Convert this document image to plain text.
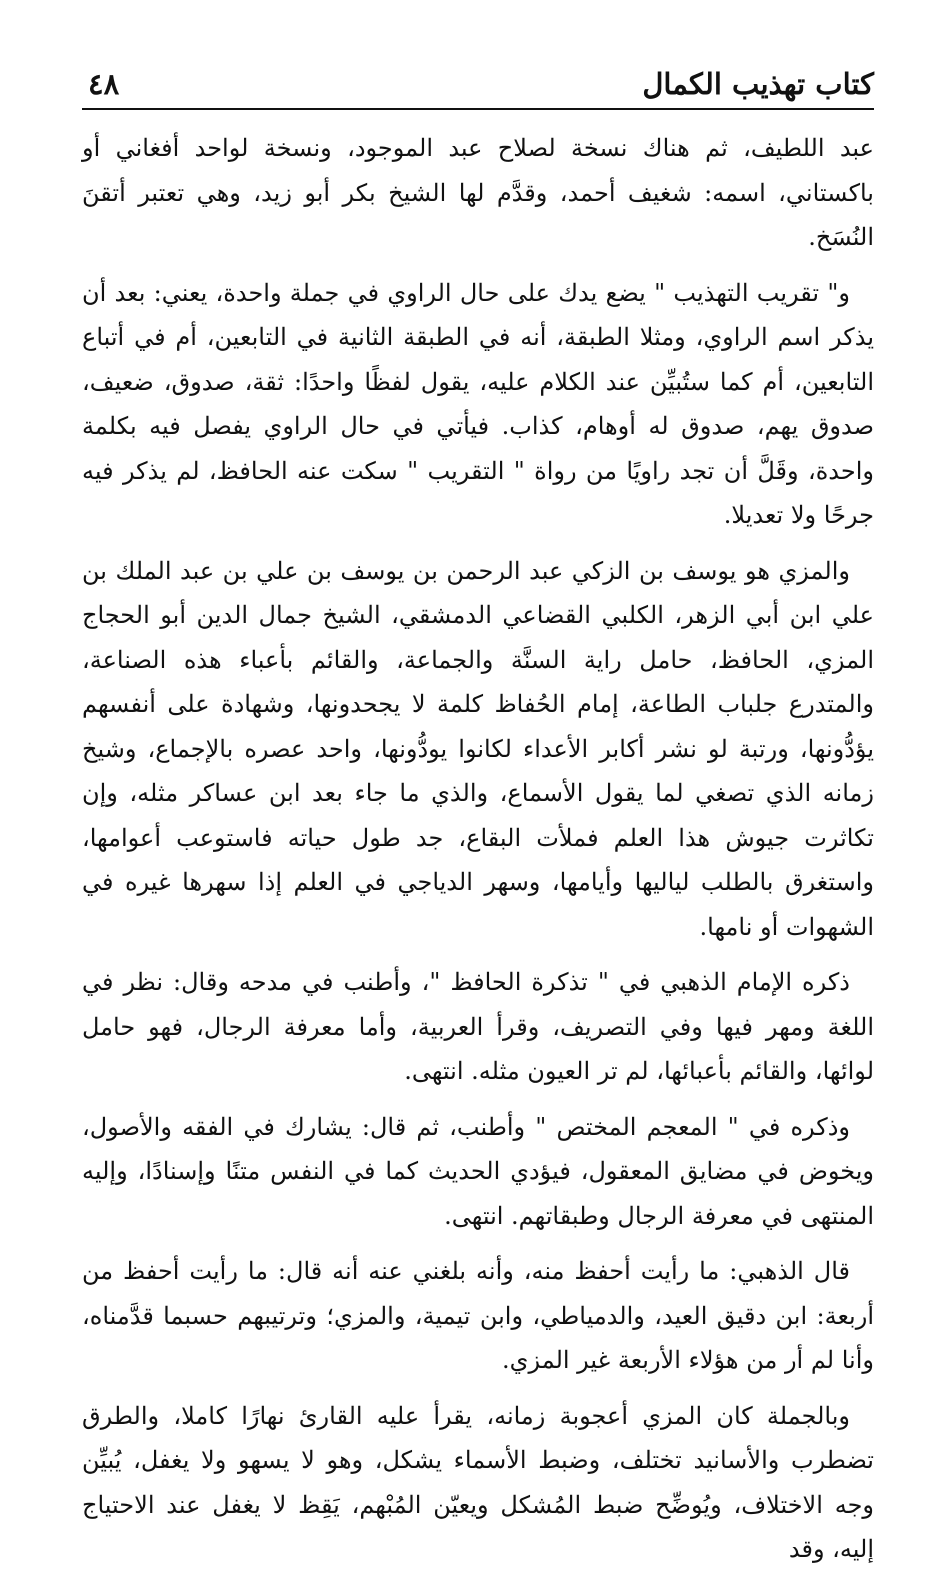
كتاب تهذيب الكمال
٤٨

عبد اللطيف، ثم هناك نسخة لصلاح عبد الموجود، ونسخة لواحد أفغاني أو باكستاني، اسمه: شغيف أحمد، وقدَّم لها الشيخ بكر أبو زيد، وهي تعتبر أتقنَ النُسَخ.

و" تقريب التهذيب " يضع يدك على حال الراوي في جملة واحدة، يعني: بعد أن يذكر اسم الراوي، ومثلا الطبقة، أنه في الطبقة الثانية في التابعين، أم في أتباع التابعين، أم كما ستُبيِّن عند الكلام عليه، يقول لفظًا واحدًا: ثقة، صدوق، ضعيف، صدوق يهم، صدوق له أوهام، كذاب. فيأتي في حال الراوي يفصل فيه بكلمة واحدة، وقَلَّ أن تجد راويًا من رواة " التقريب " سكت عنه الحافظ، لم يذكر فيه جرحًا ولا تعديلا.

والمزي هو يوسف بن الزكي عبد الرحمن بن يوسف بن علي بن عبد الملك بن علي ابن أبي الزهر، الكلبي القضاعي الدمشقي، الشيخ جمال الدين أبو الحجاج المزي، الحافظ، حامل راية السنَّة والجماعة، والقائم بأعباء هذه الصناعة، والمتدرع جلباب الطاعة، إمام الحُفاظ كلمة لا يجحدونها، وشهادة على أنفسهم يؤدُّونها، ورتبة لو نشر أكابر الأعداء لكانوا يودُّونها، واحد عصره بالإجماع، وشيخ زمانه الذي تصغي لما يقول الأسماع، والذي ما جاء بعد ابن عساكر مثله، وإن تكاثرت جيوش هذا العلم فملأت البقاع، جد طول حياته فاستوعب أعوامها، واستغرق بالطلب لياليها وأيامها، وسهر الدياجي في العلم إذا سهرها غيره في الشهوات أو نامها.

ذكره الإمام الذهبي في " تذكرة الحافظ "، وأطنب في مدحه وقال: نظر في اللغة ومهر فيها وفي التصريف، وقرأ العربية، وأما معرفة الرجال، فهو حامل لوائها، والقائم بأعبائها، لم تر العيون مثله. انتهى.

وذكره في " المعجم المختص " وأطنب، ثم قال: يشارك في الفقه والأصول، ويخوض في مضايق المعقول، فيؤدي الحديث كما في النفس متنًا وإسنادًا، وإليه المنتهى في معرفة الرجال وطبقاتهم. انتهى.

قال الذهبي: ما رأيت أحفظ منه، وأنه بلغني عنه أنه قال: ما رأيت أحفظ من أربعة: ابن دقيق العيد، والدمياطي، وابن تيمية، والمزي؛ وترتيبهم حسبما قدَّمناه، وأنا لم أر من هؤلاء الأربعة غير المزي.

وبالجملة كان المزي أعجوبة زمانه، يقرأ عليه القارئ نهارًا كاملا، والطرق تضطرب والأسانيد تختلف، وضبط الأسماء يشكل، وهو لا يسهو ولا يغفل، يُبيِّن وجه الاختلاف، ويُوضِّح ضبط المُشكل ويعيّن المُبْهم، يَقِظ لا يغفل عند الاحتياج إليه، وقد
